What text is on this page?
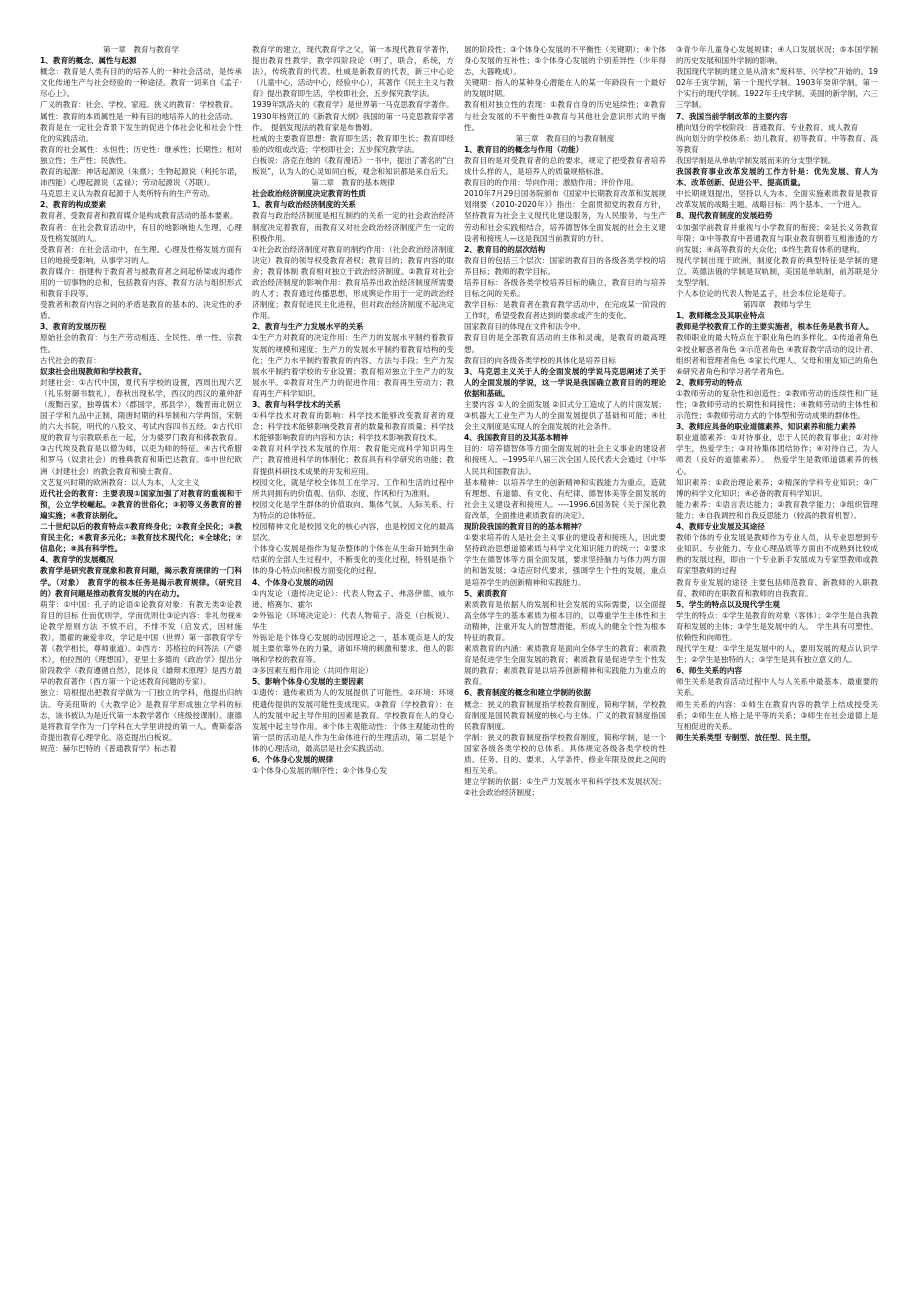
第一章　教育与教育学

1、教育的概念、属性与起源

概念：教育是人类有目的的培养人的一种社会活动，是传承文化传递生产与社会经验的一种途径。教育一词来自《孟子·尽心上》。

广义的教育：社会、学校、家庭。狭义的教育：学校教育。

属性：教育的本质属性是一种有目的地培养人的社会活动。

教育是在一定社会背景下发生的促进个体社会化和社会个性化的实践活动。

教育的社会属性：永恒性；历史性：继承性；长期性；相对独立性；生产性；民族性。

教育的起源：神话起源说（朱熹）；生物起源说（利托尔诺，沛西能）心理起源说（孟禄）；劳动起源说（苏联）。

马克思主义认为教育起源于人类所特有的生产劳动。

2、教育的构成要素

教育者、受教育者和教育媒介是构成教育活动的基本要素。

教育者：在社会教育活动中，有目的地影响他人生理、心理及性格发展的人。

受教育者：在社会活动中，在生理、心理及性格发展方面有目的地接受影响，从事学习的人。

教育媒介：指建构于教育者与被教育者之间起桥梁或沟通作用的一切事物的总和，包括教育内容、教育方法与组织形式和教育手段等。

受教者和教育内容之间的矛盾是教育的基本的、决定性的矛盾。

3、教育的发展历程

原始社会的教育：与生产劳动相连、全民性、单一性、宗教性。

古代社会的教育：

奴隶社会出现教师和学校教育。

封建社会：①古代中国，夏代有学校的设置，西周出现六艺（礼乐射御书数礼），春秋出现私学，西汉的西汉的董仲舒（废黜百家，独尊儒术）（郡国学，那县学），魏晋南北朝立国子学和九品中正制，隋唐时期的科举制和六学两馆，宋朝的六大书院，明代的八股文，考试内容四书五经。②古代印度的教育与宗教联系在一起，分为婆罗门教育和佛教教育。③古代埃及教育是以僧为师，以吏为师的特征。④古代希腊和罗马（奴隶社会）的雅典教育和斯巴达教育。⑤中世纪欧洲（封建社会）的教会教育和骑士教育。

文艺复兴时期的欧洲教育：以人为本，人文主义

近代社会的教育：主要表现①国家加强了对教育的重视和干预，公立学校崛起。②教育的世俗化；③初等义务教育的普遍实施；④教育法制化。

二十世纪以后的教育特点①教育终身化；②教育全民化；③教育民主化；④教育多元化；⑤教育技术现代化；⑥全球化；⑦信息化；⑧具有科学性。

4、教育学的发展概况

教育学是研究教育现象和教育问题，揭示教育规律的一门科学。（对象）　教育学的根本任务是揭示教育规律。（研究目的）教育问题是推动教育发展的内在动力。

萌芽：①中国：孔子的论语①论教育对象：有教无类②论教育目的目标 仕而优则学，学而优则仕③论内容：非礼勿视④论教学原则方法 不愤不启，不悱不发（启发式，因材施教）。墨翟的兼爱非攻，学记是中国（世界）第一部教育学专著（教学相长，尊师重道）。②西方：苏格拉的问答法（产婆术），柏拉图的《理想国》，亚里士多德的《政治学》提出分阶段教学（教育遵循自然），昆体良《雄辩术原理》是西方最早的教育著作（西方第一个论述教育问题的专家）。

独立：培根提出把教育学做为一门独立的学科，他提出归纳法。夸美纽斯的《大教学论》是教育学形成独立学科的标志，该书被认为是近代第一本教学著作（班级授课制）。康德是将教育学作为一门学科在大学里讲授的第一人。费斯泰洛奇提出教育心理学化。洛克提出白板说。

规范：赫尔巴特的《普通教育学》标志着

教育学的建立，现代教育学之父，第一本现代教育学著作，提出教育性教学，教学四阶段论（明了，联合，系统，方法），传统教育的代表。杜威是新教育的代表，新三中心论（儿童中心，活动中心，经验中心），其著作《民主主义与教育》提出教育即生活，学校即社会，五步探究教学法。

1939年凯洛夫的《教育学》是世界第一马克思教育学著作。

1930年杨贤江的《新教育大纲》我国的第一马克思教育学著作。　提倡发现法的教育家是布鲁姆。

杜威的主要教育思想：教育即生活；教育即生长；教育即经验的改组或改造；学校即社会；五步探究教学法。

白板说：洛克在他的《教育漫话》一书中，提出了著名的“白板说”，认为人的心灵如同白板，观念和知识都是来自后天。

第二章　教育的基本规律

社会政治经济制度决定教育的性质

1、教育与政治经济制度的关系

教育与政治经济制度是相互制约的关系一定的社会政治经济制度决定着教育，而教育又对社会政治经济制度产生一定的积极作用。

①社会政治经济制度对教育的制约作用：（社会政治经济制度决定）教育的领导权受教育者权；教育目的；教育内容的取舍；教育体制 教育相对独立于政治经济制度。②教育对社会政治经济制度的影响作用：教育培养出政治经济制度所需要的人才；教育通过传播思想，形成舆论作用于一定的政治经济制度；教育促进民主化进程，但对政治经济制度不起决定作用。

2、教育与生产力发展水平的关系

①生产力对教育的决定作用：生产力的发展水平制约着教育发展的规模和速度；生产力的发展水平制约着教育结构的变化；生产力水平制约着教育的内容、方法与手段；生产力发展水平制约着学校的专业设置；教育相对独立于生产力的发展水平。②教育对生产力的促进作用：教育再生劳动力；教育再生产科学知识。

3、教育与科学技术的关系

①科学技术对教育的影响：科学技术能够改变教育者的观念；科学技术能够影响受教育者的数量和教育质量；科学技术能够影响教育的内容和方法；科学技术影响教育技术。

②教育对科学技术发展的作用：教育能完成科学知识再生产；教育推进科学的体制化；教育具有科学研究的功能；教育提供科研技术成果的开发和应用。

校园文化，就是学校全体员工在学习、工作和生活的过程中所共同拥有的价值观、信仰、态度、作风和行为准则。

校园文化是学生群体的价值取向、集体气氛、人际关系、行为特点的总体特征。

校园精神文化是校园文化的核心内容，也是校园文化的最高层次。

个体身心发展是指作为复杂整体的个体在从生命开始到生命结束的全部人生过程中，不断变化的变化过程，特别是指个体的身心特点向积极方面变化的过程。

4、个体身心发展的动因

①内发论（遗传决定论）：代表人物孟子、弗洛伊德、威尔逊、格赛尔、霍尔

②外铄论（环境决定论）：代表人物荀子、洛克（白板说）、华生

外铄论是个体身心发展的动因理论之一，基本观点是人的发展主要依靠外在的力量，诸如环境的刺激和要求、他人的影响和学校的教育等。

③多因素互相作用论（共同作用论）

5、影响个体身心发展的主要因素

①遗传：遗传素质为人的发展提供了可能性。②环境：环境使遗传提供的发展可能性变成现实。③教育（学校教育）：在人的发展中起主导作用的因素是教育。学校教育在人的身心发展中起主导作用。④个体主观能动性：个体主观能动性的第一层的活动是人作为生命体进行的生理活动，第二层是个体的心理活动，最高层是社会实践活动。

6、个体身心发展的规律

①个体身心发展的顺序性；②个体身心发

展的阶段性；③个体身心发展的不平衡性（关键期）；④个体身心发展的互补性；⑤个体身心发展的个别差异性（少年得志，大器晚成）。

关键期：指人的某种身心潜能在人的某一年龄段有一个最好的发展时期。

教育相对独立性的表现：①教育自身的历史延续性；②教育与社会发展的不平衡性③教育与其他社会意识形式的平衡性。

第三章　教育目的与教育制度

1、教育目的的概念与作用（功能）

教育目的是对受教育者的总的要求，规定了把受教育者培养成什么样的人，是培养人的质量规格标准。

教育目的的作用：导向作用；激励作用；评价作用。

2010年7月29日国务院颁布《国家中长期教育改革和发展规划纲要（2010-2020年）》指出：全面贯彻党的教育方针，坚持教育为社会主义现代化建设服务，为人民服务，与生产劳动和社会实践相结合，培养德智体全面发展的社会主义建设者和接班人—这是我国当前教育的方针。

2、教育目的的层次结构

教育目的包括三个层次：国家的教育目的各级各类学校的培养目标；教师的教学目标。

培养目标：各级各类学校培养目标的确立，教育目的与培养目标之间的关系。

教学目标：是教育者在教育教学活动中，在完成某一阶段的工作时，希望受教育者达到的要求或产生的变化。

国家教育目的体现在文件和法令中。

教育目的是全部教育活动的主体和灵魂，是教育的最高理想。

教育目的向各级各类学校的具体化是培养目标

3、马克思主义关于人的全面发展的学说马克思阐述了关于人的全面发展的学说，这一学说是我国确立教育目的的理论依据和基础。

主要内容 ①人的全面发展 ②旧式分工造成了人的片面发展；③机器大工业生产为人的全面发展提供了基础和可能；④社会主义制度是实现人的全面发展的社会条件。

4、我国教育目的及其基本精神

目的：培养德智体等方面全面发展的社会主义事业的建设者和接班人。--1995年八届三次全国人民代表大会通过《中华人民共和国教育法》。

基本精神：以培养学生的创新精神和实践能力为重点，造就有理想、有道德、有文化、有纪律、德智体美等全面发展的社会主义建设者和接班人。----1996.6国务院《关于深化教育改革，全面推进素质教育的决定》。

现阶段我国的教育目的的基本精神？

①要求培养的人是社会主义事业的建设者和接班人，因此要坚持政治思想道德素质与科学文化知识能力的统一；②要求学生在德智体等方面全面发展，要求坚持脑力与体力两方面的和谐发展；③适应时代要求，强调学生个性的发展，重点是培养学生的创新精神和实践能力。

5、素质教育

素质教育是依据人的发展和社会发展的实际需要，以全面提高全体学生的基本素质为根本目的，以尊重学生主体性和主动精神，注重开发人的智慧潜能，形成人的健全个性为根本特征的教育。

素质教育的内涵：素质教育是面向全体学生的教育；素质教育是促进学生全面发展的教育；素质教育是促进学生个性发展的教育；素质教育是以培养创新精神和实践能力为重点的教育。

6、教育制度的概念和建立学制的依据

概念：狭义的教育制度指学校教育制度，简称学制，学校教育制度是国民教育制度的核心与主体。广义的教育制度指国民教育制度。

学制：狭义的教育制度指学校教育制度，简称学制，是一个国家各级各类学校的总体系。具体规定各级各类学校的性质、任务、目的、要求、入学条件、修业年限及彼此之间的相互关系。

建立学制的依据：①生产力发展水平和科学技术发展状况；②社会政治经济制度；

③青少年儿童身心发展规律；④人口发展状况；⑤本国学制的历史发展和国外学制的影响。

我国现代学制的建立是从清末“废科举、兴学校”开始的。1902年壬寅学制，第一个现代学制。1903年癸卯学制，第一个实行的现代学制。1922年壬戌学制，美国的新学制，六三三学制。

7、我国当前学制改革的主要内容

横向划分的学校阶段：普通教育、专业教育、成人教育

纵向划分的学校体系：幼儿教育、初等教育、中等教育、高等教育

我国学制是从单轨学制发展而来的分支型学制。

我国教育事业改革发展的工作方针是：优先发展、育人为本、改革创新、促进公平、提高质量。

中长期规划提出，坚持以人为本、全面实施素质教育是教育改革发展的战略主题。战略目标：两个基本、一个进入。

8、现代教育制度的发展趋势

①加强学前教育并重视与小学教育的衔接；②延长义务教育年限；③中等教育中普通教育与职业教育朝着互相渗透的方向发展；④高等教育的大众化；⑤终生教育体系的建构。

现代学制出现于欧洲，制度化教育的典型特征是学制的建立。英德法俄的学制是双轨制，美国是单轨制，前苏联是分支型学制。

个人本位论的代表人物是孟子，社会本位论是荀子。

第四章　教师与学生

1、教师概念及其职业特点

教师是学校教育工作的主要实施者，根本任务是教书育人。

教师职业的最大特点在于职业角色的多样化。①传道者角色 ②授业解惑者角色 ③示范者角色 ④教育教学活动的设计者、组织者和管理者角色 ⑤家长代理人、父母和朋友知己的角色 ⑥研究者角色和学习者学者角色。

2、教师劳动的特点

①教师劳动的复杂性和创造性；②教师劳动的连续性和广延性；③教师劳动的长期性和间接性；④教师劳动的主体性和示范性；⑤教师劳动方式的个体型和劳动成果的群体性。

3、教师应具备的职业道德素养、知识素养和能力素养

职业道德素养：①对待事业，忠于人民的教育事业；②对待学生，热爱学生；③对待集体团结协作；④对待自己，为人师表（良好的道德素养）。　热爱学生是教师道德素养的核心。

知识素养：①政治理论素养；②精深的学科专业知识；③广博的科学文化知识；④必备的教育科学知识。

能力素养：①语言表达能力；②教育教学能力；③组织管理能力；④自我调控和自我反思能力（较高的教育机智）。

4、教师专业发展及其途径

教师个体的专业发展是教师作为专业人员，从专业思想到专业知识、专业能力、专业心理品质等方面由不成熟到比较成熟的发展过程，即由一个专业新手发展成为专家型教师或教育家型教师的过程

教育专业发展的途径 主要包括师范教育、新教师的入职教育、教师的在职教育和教师的自我教育。

5、学生的特点以及现代学生观

学生的特点：①学生是教育的对象（客体）；②学生是自我教育和发展的主体；③学生是发展中的人。　学生具有可塑性、依赖性和向师性。

现代学生观：①学生是发展中的人，要用发展的观点认识学生；②学生是独特的人；③学生是具有独立意义的人。

6、师生关系的内容

师生关系是教育活动过程中人与人关系中最基本、最重要的关系。

师生关系的内容：①师生在教育内容的教学上结成授受关系；②师生在人格上是平等的关系；③师生在社会道德上是互相促进的关系。

师生关系类型 专制型、放任型、民主型。
